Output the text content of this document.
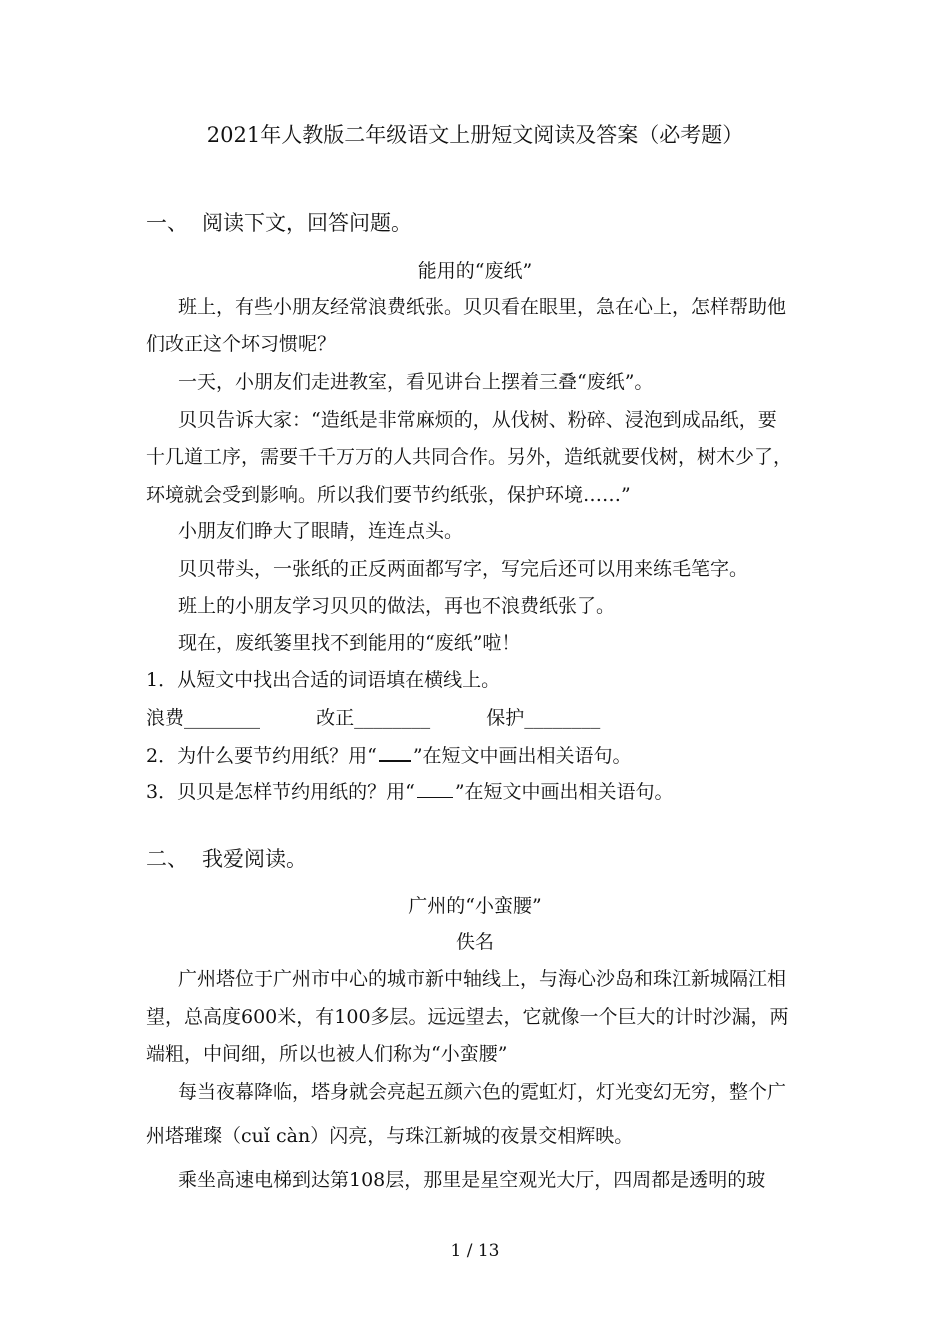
2021年人教版二年级语文上册短文阅读及答案（必考题）
一、 阅读下文，回答问题。
能用的“废纸”
班上，有些小朋友经常浪费纸张。贝贝看在眼里，急在心上，怎样帮助他
们改正这个坏习惯呢？
一天，小朋友们走进教室，看见讲台上摆着三叠“废纸”。
贝贝告诉大家：“造纸是非常麻烦的，从伐树、粉碎、浸泡到成品纸，要
十几道工序，需要千千万万的人共同合作。另外，造纸就要伐树，树木少了，
环境就会受到影响。所以我们要节约纸张，保护环境……”
小朋友们睁大了眼睛，连连点头。
贝贝带头，一张纸的正反两面都写字，写完后还可以用来练毛笔字。
班上的小朋友学习贝贝的做法，再也不浪费纸张了。
现在，废纸篓里找不到能用的“废纸”啦！
1．从短文中找出合适的词语填在横线上。
浪费________	改正________	保护________
2．为什么要节约用纸？用“ ”在短文中画出相关语句。
3．贝贝是怎样节约用纸的？用“ ”在短文中画出相关语句。
二、 我爱阅读。
广州的“小蛮腰”
佚名
广州塔位于广州市中心的城市新中轴线上，与海心沙岛和珠江新城隔江相
望，总高度600米，有100多层。远远望去，它就像一个巨大的计时沙漏，两
端粗，中间细，所以也被人们称为“小蛮腰”
每当夜幕降临，塔身就会亮起五颜六色的霓虹灯，灯光变幻无穷，整个广
州塔璀璨（cuǐ càn）闪亮，与珠江新城的夜景交相辉映。
乘坐高速电梯到达第108层，那里是星空观光大厅，四周都是透明的玻
1 / 13
